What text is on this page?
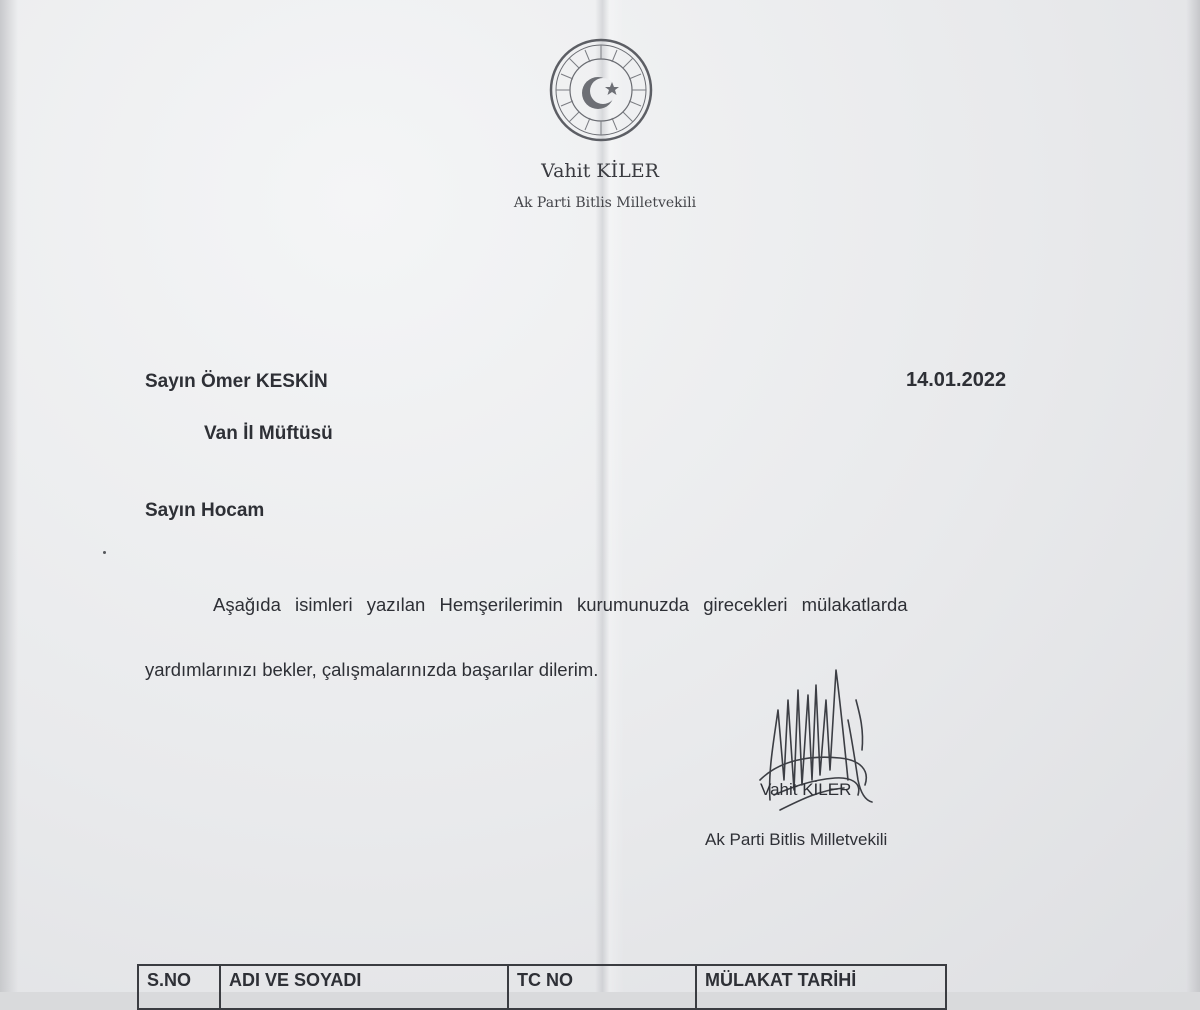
Vahit KİLER
Ak Parti Bitlis Milletvekili
Sayın Ömer KESKİN	14.01.2022
Van İl Müftüsü
Sayın Hocam
Aşağıda isimleri yazılan Hemşerilerimin kurumunuzda girecekleri mülakatlarda
yardımlarınızı bekler, çalışmalarınızda başarılar dilerim.
Vahit KİLER
Ak Parti Bitlis Milletvekili
S.NO	ADI VE SOYADI	TC NO	MÜLAKAT TARİHİ
